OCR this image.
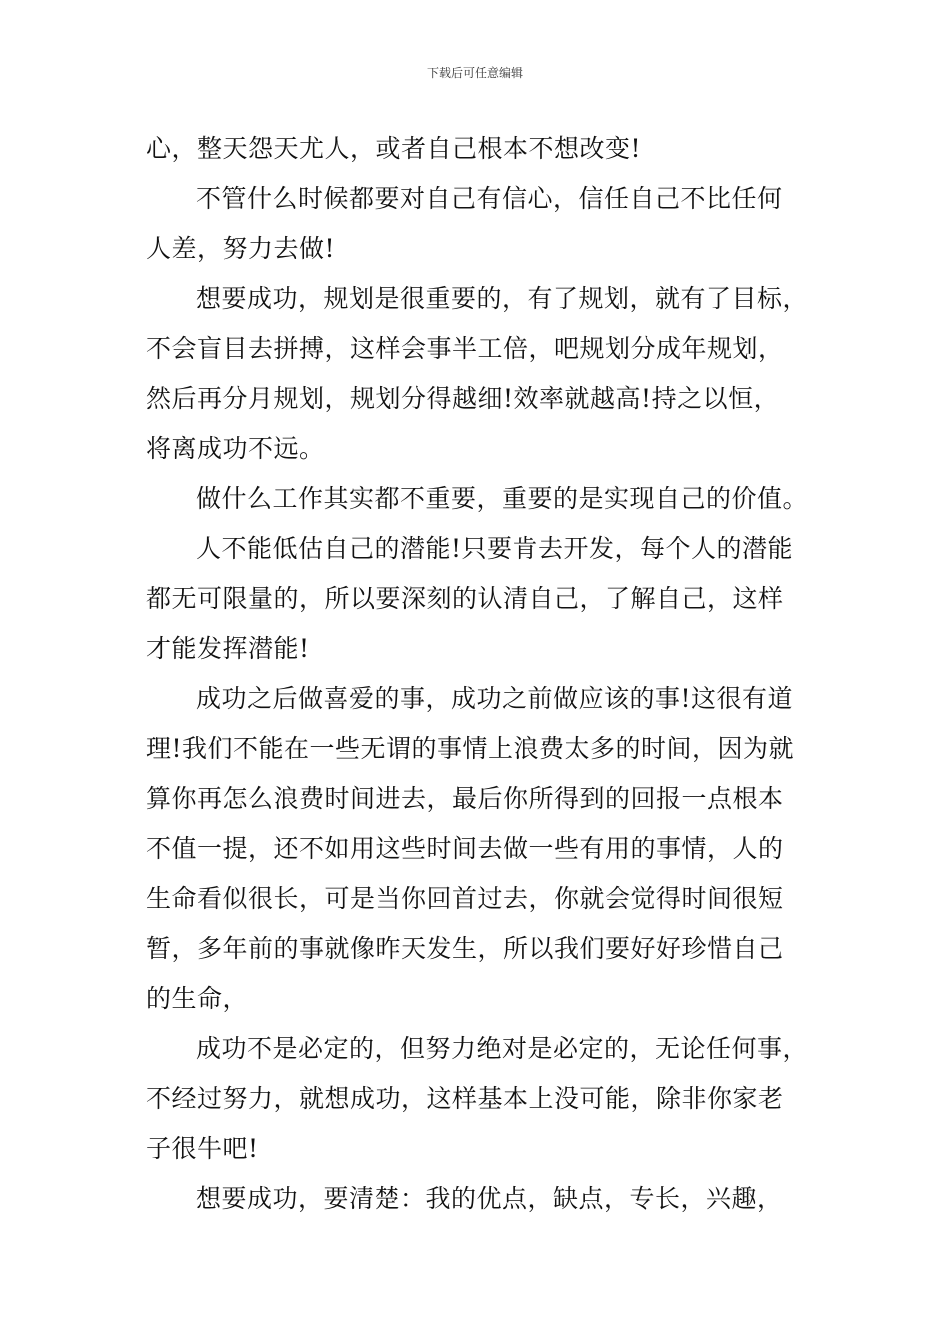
下载后可任意编辑
心，整天怨天尤人，或者自己根本不想改变!
不管什么时候都要对自己有信心，信任自己不比任何
人差，努力去做!
想要成功，规划是很重要的，有了规划，就有了目标，
不会盲目去拼搏，这样会事半工倍，吧规划分成年规划，
然后再分月规划，规划分得越细!效率就越高!持之以恒，
将离成功不远。
做什么工作其实都不重要，重要的是实现自己的价值。
人不能低估自己的潜能!只要肯去开发，每个人的潜能
都无可限量的，所以要深刻的认清自己，了解自己，这样
才能发挥潜能!
成功之后做喜爱的事，成功之前做应该的事!这很有道
理!我们不能在一些无谓的事情上浪费太多的时间，因为就
算你再怎么浪费时间进去，最后你所得到的回报一点根本
不值一提，还不如用这些时间去做一些有用的事情，人的
生命看似很长，可是当你回首过去，你就会觉得时间很短
暂，多年前的事就像昨天发生，所以我们要好好珍惜自己
的生命，
成功不是必定的，但努力绝对是必定的，无论任何事，
不经过努力，就想成功，这样基本上没可能，除非你家老
子很牛吧!
想要成功，要清楚：我的优点，缺点，专长，兴趣，
